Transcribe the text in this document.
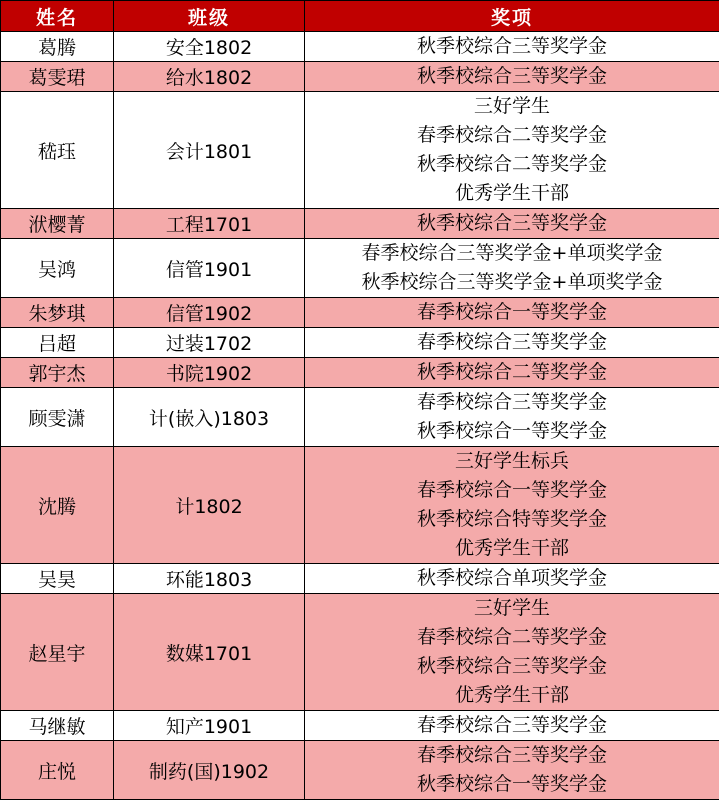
姓名	班级	奖项
葛腾	安全1802	秋季校综合三等奖学金

葛雯珺	给水1802	秋季校综合三等奖学金

嵇珏	会计1801	三好学生
春季校综合二等奖学金
秋季校综合二等奖学金
优秀学生干部

洑樱菁	工程1701	秋季校综合三等奖学金

吴鸿	信管1901	春季校综合三等奖学金+单项奖学金
秋季校综合三等奖学金+单项奖学金

朱梦琪	信管1902	春季校综合一等奖学金

吕超	过装1702	春季校综合三等奖学金

郭宇杰	书院1902	秋季校综合二等奖学金

顾雯潇	计(嵌入)1803	春季校综合三等奖学金
秋季校综合一等奖学金

沈腾	计1802	三好学生标兵
春季校综合一等奖学金
秋季校综合特等奖学金
优秀学生干部

吴昊	环能1803	秋季校综合单项奖学金

赵星宇	数媒1701	三好学生
春季校综合二等奖学金
秋季校综合三等奖学金
优秀学生干部

马继敏	知产1901	春季校综合三等奖学金

庄悦	制药(国)1902	春季校综合三等奖学金
秋季校综合一等奖学金
